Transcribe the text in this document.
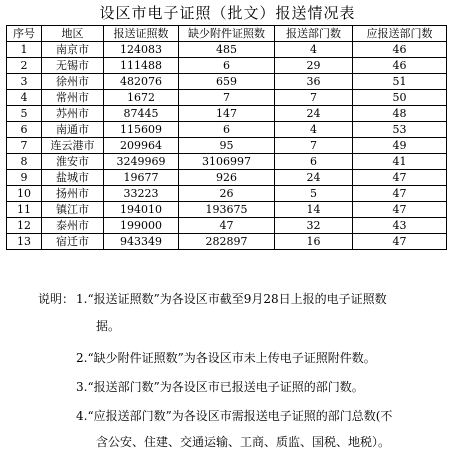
设区市电子证照（批文）报送情况表
序号	地区	报送证照数	缺少附件证照数	报送部门数	应报送部门数
1	南京市	124083	485	4	46
2	无锡市	111488	6	29	46
3	徐州市	482076	659	36	51
4	常州市	1672	7	7	50
5	苏州市	87445	147	24	48
6	南通市	115609	6	4	53
7	连云港市	209964	95	7	49
8	淮安市	3249969	3106997	6	41
9	盐城市	19677	926	24	47
10	扬州市	33223	26	5	47
11	镇江市	194010	193675	14	47
12	泰州市	199000	47	32	43
13	宿迁市	943349	282897	16	47
说明： 1.“报送证照数”为各设区市截至9月28日上报的电子证照数
据。
2.“缺少附件证照数”为各设区市未上传电子证照附件数。
3.“报送部门数”为各设区市已报送电子证照的部门数。
4.“应报送部门数”为各设区市需报送电子证照的部门总数(不
含公安、住建、交通运输、工商、质监、国税、地税）。
